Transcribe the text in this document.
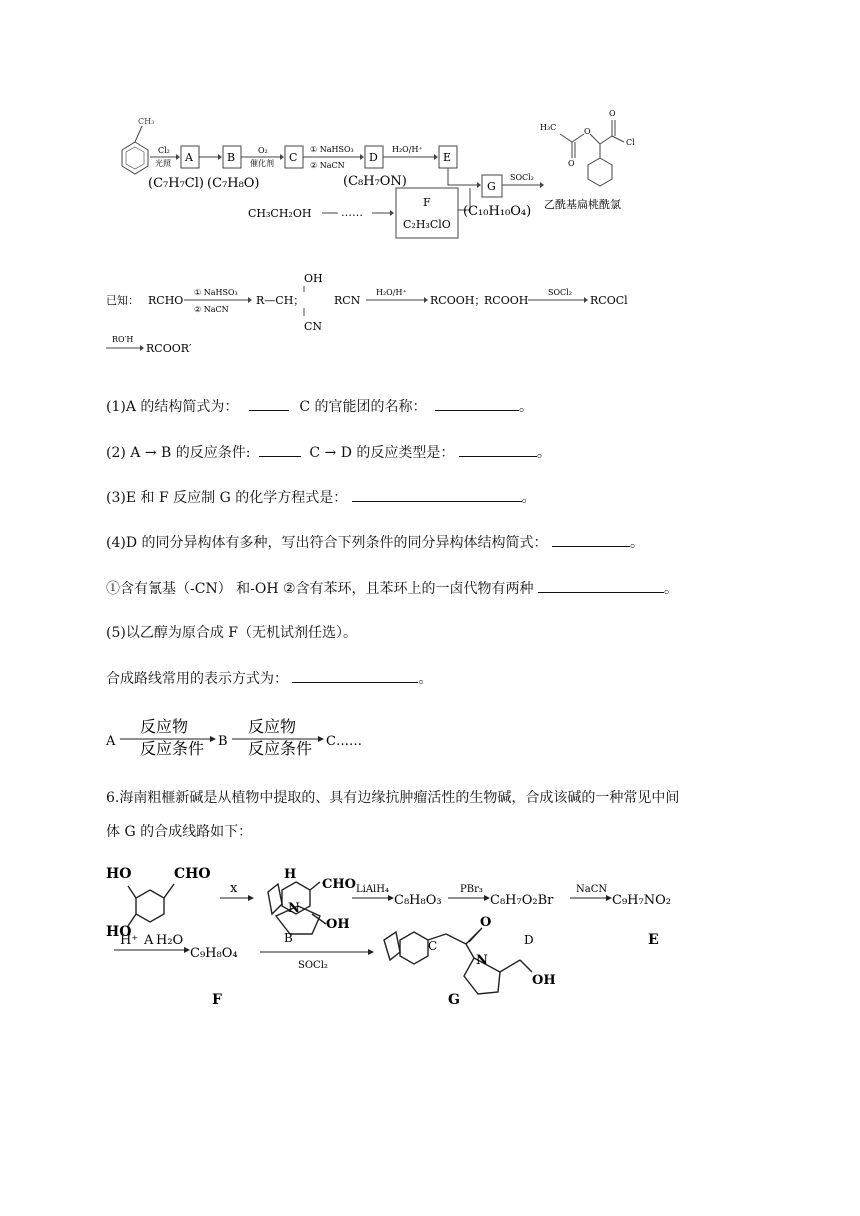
CH₃
Cl₂
光照 A
(C₇H₇Cl)
B
(C₇H₈O)
O₂
催化剂 C
① NaHSO₃
② NaCN
D
(C₈H₇ON)
H₂O/H⁺
E
F
C₂H₃ClO
G
(C₁₀H₁₀O₄)
SOCl₂
CH₃CH₂OH	……
H₃C	O
O
O
Cl
乙酰基扁桃酰氯
已知： RCHO
① NaHSO₃
② NaCN
R—CH；
OH
CN
RCN
H₂O/H⁺
RCOOH；
RCOOH
SOCl₂
RCOCl
RO′H
RCOOR′
(1)A 的结构简式为：	C 的官能团的名称：	。
(2) A → B 的反应条件:	C → D 的反应类型是：	。
(3)E 和 F 反应制 G 的化学方程式是：	。
(4)D 的同分异构体有多种，写出符合下列条件的同分异构体结构简式：	。
①含有氰基（-CN） 和-OH ②含有苯环，且苯环上的一卤代物有两种	。
(5)以乙醇为原合成 F（无机试剂任选）。
合成路线常用的表示方式为：	。
A
反应物
反应条件 B
反应物
反应条件 C……
6.海南粗榧新碱是从植物中提取的、具有边缘抗肿瘤活性的生物碱，合成该碱的一种常见中间
体 G 的合成线路如下：
HO	CHO
HO
x
H
CHO
N
B
OH
LiAlH₄
C₈H₈O₃
PBr₃
C₈H₇O₂Br
NaCN
C₉H₇NO₂
E
H⁺ A H₂O
C₉H₈O₄
SOCl₂
C
O
N
D
OH
F	G
